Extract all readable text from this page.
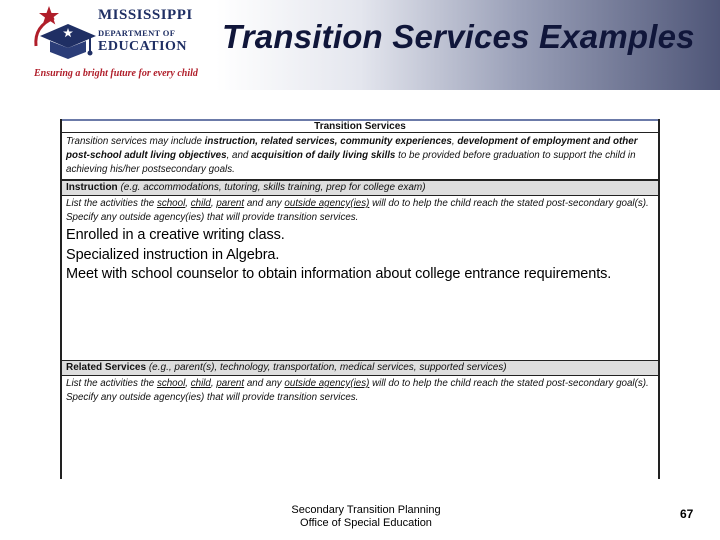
MISSISSIPPI
DEPARTMENT OF
EDUCATION
Ensuring a bright future for every child
Transition Services Examples
Transition Services
Transition services may include instruction, related services, community experiences, development of employment and other post-school adult living objectives, and acquisition of daily living skills to be provided before graduation to support the child in achieving his/her postsecondary goals.
Instruction (e.g. accommodations, tutoring, skills training, prep for college exam)
List the activities the school, child, parent and any outside agency(ies) will do to help the child reach the stated post-secondary goal(s). Specify any outside agency(ies) that will provide transition services.
Enrolled in a creative writing class.
Specialized instruction in Algebra.
Meet with school counselor to obtain information about college entrance requirements.
Related Services (e.g., parent(s), technology, transportation, medical services, supported services)
List the activities the school, child, parent and any outside agency(ies) will do to help the child reach the stated post-secondary goal(s). Specify any outside agency(ies) that will provide transition services.
Secondary Transition Planning
Office of Special Education
67
